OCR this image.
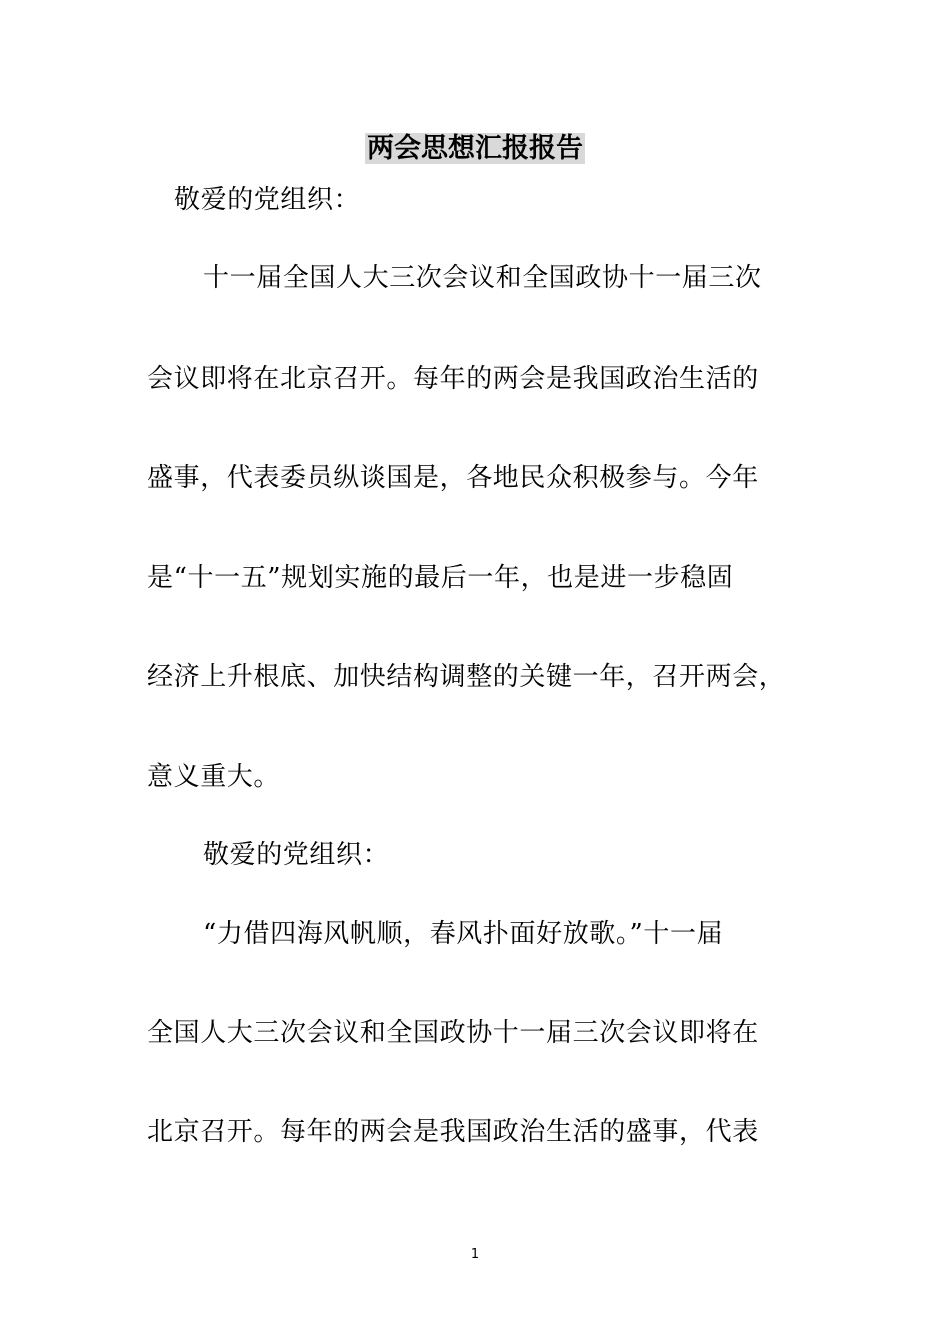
两会思想汇报报告
敬爱的党组织：
十一届全国人大三次会议和全国政协十一届三次
会议即将在北京召开。每年的两会是我国政治生活的
盛事，代表委员纵谈国是，各地民众积极参与。今年
是“十一五”规划实施的最后一年，也是进一步稳固
经济上升根底、加快结构调整的关键一年，召开两会，
意义重大。
敬爱的党组织：
“力借四海风帆顺，春风扑面好放歌。”十一届
全国人大三次会议和全国政协十一届三次会议即将在
北京召开。每年的两会是我国政治生活的盛事，代表
1
